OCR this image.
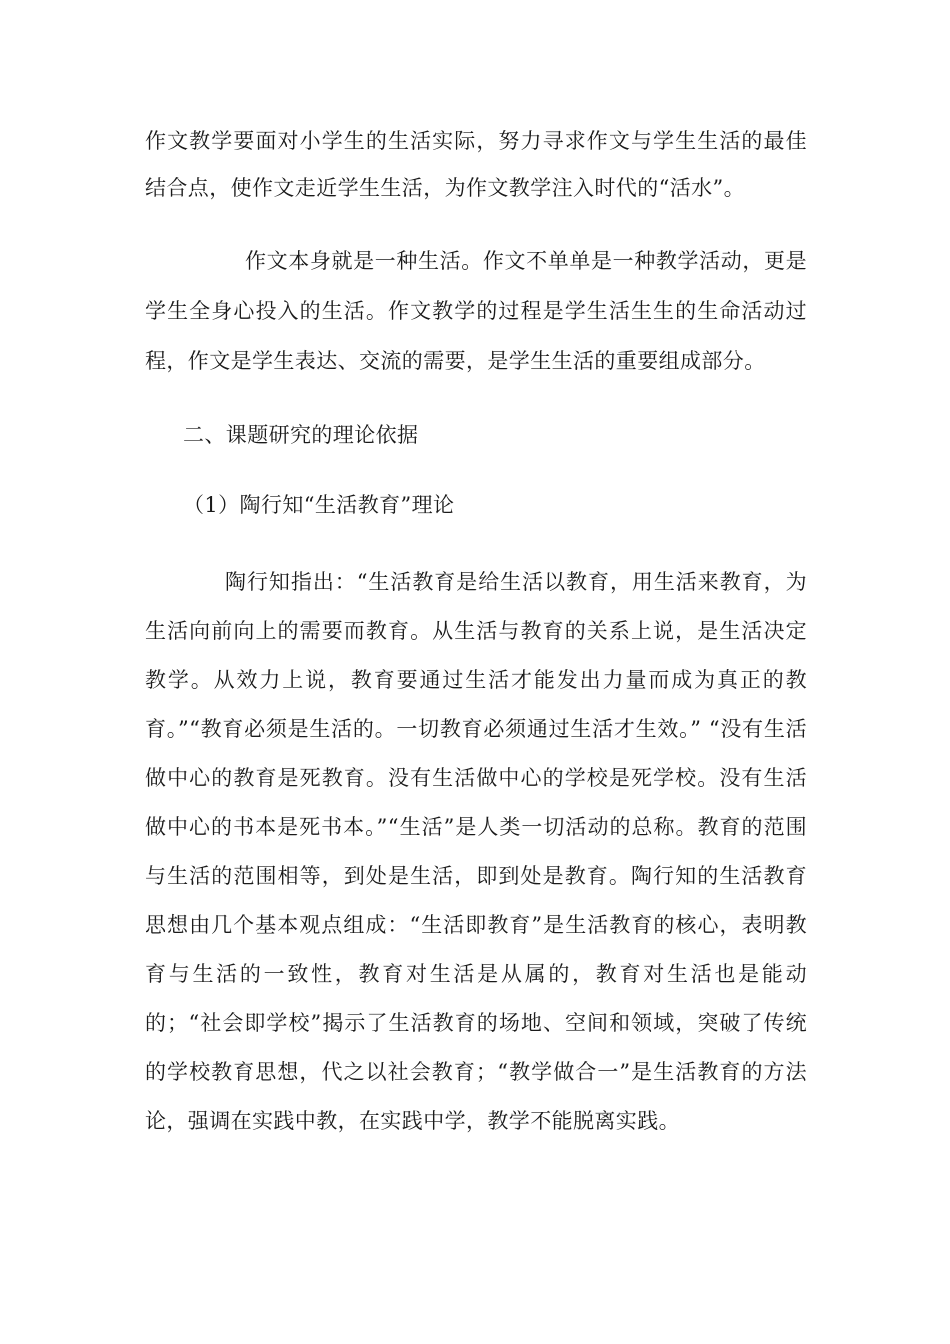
作文教学要面对小学生的生活实际，努力寻求作文与学生生活的最佳结合点，使作文走近学生生活，为作文教学注入时代的“活水”。

作文本身就是一种生活。作文不单单是一种教学活动，更是学生全身心投入的生活。作文教学的过程是学生活生生的生命活动过程，作文是学生表达、交流的需要，是学生生活的重要组成部分。

二、课题研究的理论依据

（1）陶行知“生活教育”理论

陶行知指出：“生活教育是给生活以教育，用生活来教育，为生活向前向上的需要而教育。从生活与教育的关系上说，是生活决定教学。从效力上说，教育要通过生活才能发出力量而成为真正的教育。”“教育必须是生活的。一切教育必须通过生活才生效。” “没有生活做中心的教育是死教育。没有生活做中心的学校是死学校。没有生活做中心的书本是死书本。”“生活”是人类一切活动的总称。教育的范围与生活的范围相等，到处是生活，即到处是教育。陶行知的生活教育思想由几个基本观点组成：“生活即教育”是生活教育的核心，表明教育与生活的一致性，教育对生活是从属的，教育对生活也是能动的；“社会即学校”揭示了生活教育的场地、空间和领域，突破了传统的学校教育思想，代之以社会教育；“教学做合一”是生活教育的方法论，强调在实践中教，在实践中学，教学不能脱离实践。
